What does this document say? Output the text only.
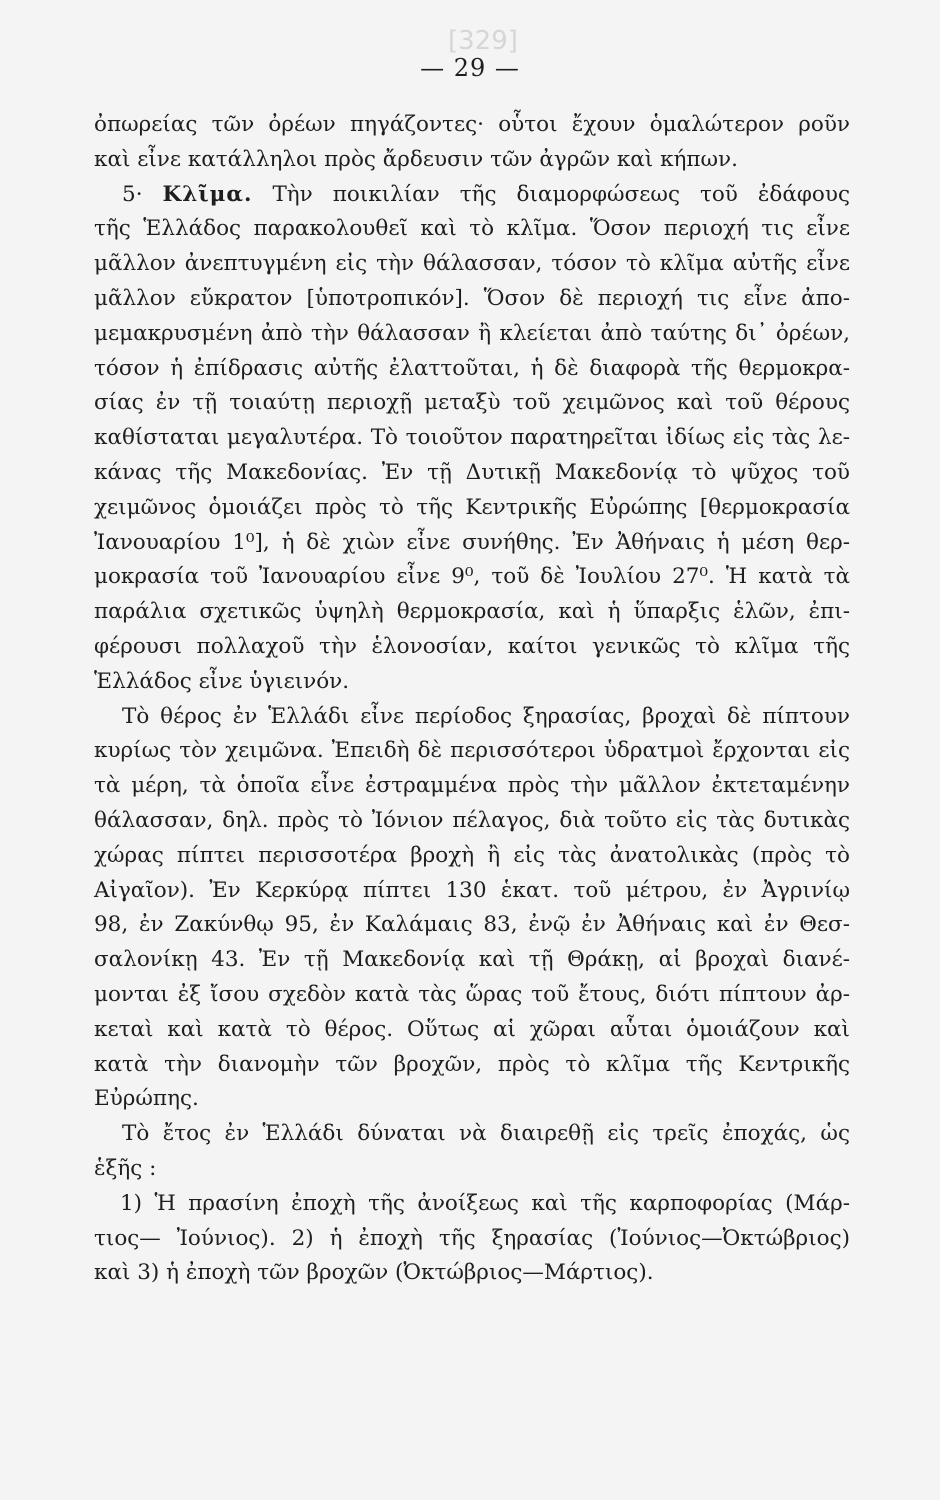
[329]
— 29 —
ὀπωρείας τῶν ὀρέων πηγάζοντες· οὗτοι ἔχουν ὁμαλώτερον ροῦν
καὶ εἶνε κατάλληλοι πρὸς ἄρδευσιν τῶν ἀγρῶν καὶ κήπων.
5· Κλῖμα. Τὴν ποικιλίαν τῆς διαμορφώσεως τοῦ ἐδάφους
τῆς Ἑλλάδος παρακολουθεῖ καὶ τὸ κλῖμα. Ὅσον περιοχή τις εἶνε
μᾶλλον ἀνεπτυγμένη εἰς τὴν θάλασσαν, τόσον τὸ κλῖμα αὐτῆς εἶνε
μᾶλλον εὔκρατον [ὑποτροπικόν]. Ὅσον δὲ περιοχή τις εἶνε ἀπο-
μεμακρυσμένη ἀπὸ τὴν θάλασσαν ἢ κλείεται ἀπὸ ταύτης δι᾽ ὀρέων,
τόσον ἡ ἐπίδρασις αὐτῆς ἐλαττοῦται, ἡ δὲ διαφορὰ τῆς θερμοκρα-
σίας ἐν τῇ τοιαύτῃ περιοχῇ μεταξὺ τοῦ χειμῶνος καὶ τοῦ θέρους
καθίσταται μεγαλυτέρα. Τὸ τοιοῦτον παρατηρεῖται ἰδίως εἰς τὰς λε-
κάνας τῆς Μακεδονίας. Ἐν τῇ Δυτικῇ Μακεδονίᾳ τὸ ψῦχος τοῦ
χειμῶνος ὁμοιάζει πρὸς τὸ τῆς Κεντρικῆς Εὐρώπης [θερμοκρασία
Ἰανουαρίου 1⁰], ἡ δὲ χιὼν εἶνε συνήθης. Ἐν Ἀθήναις ἡ μέση θερ-
μοκρασία τοῦ Ἰανουαρίου εἶνε 9⁰, τοῦ δὲ Ἰουλίου 27⁰. Ἡ κατὰ τὰ
παράλια σχετικῶς ὑψηλὴ θερμοκρασία, καὶ ἡ ὕπαρξις ἑλῶν, ἐπι-
φέρουσι πολλαχοῦ τὴν ἑλονοσίαν, καίτοι γενικῶς τὸ κλῖμα τῆς
Ἑλλάδος εἶνε ὑγιεινόν.
Τὸ θέρος ἐν Ἑλλάδι εἶνε περίοδος ξηρασίας, βροχαὶ δὲ πίπτουν
κυρίως τὸν χειμῶνα. Ἐπειδὴ δὲ περισσότεροι ὑδρατμοὶ ἔρχονται εἰς
τὰ μέρη, τὰ ὁποῖα εἶνε ἐστραμμένα πρὸς τὴν μᾶλλον ἐκτεταμένην
θάλασσαν, δηλ. πρὸς τὸ Ἰόνιον πέλαγος, διὰ τοῦτο εἰς τὰς δυτικὰς
χώρας πίπτει περισσοτέρα βροχὴ ἢ εἰς τὰς ἀνατολικὰς (πρὸς τὸ
Αἰγαῖον). Ἐν Κερκύρᾳ πίπτει 130 ἑκατ. τοῦ μέτρου, ἐν Ἀγρινίῳ
98, ἐν Ζακύνθῳ 95, ἐν Καλάμαις 83, ἐνῷ ἐν Ἀθήναις καὶ ἐν Θεσ-
σαλονίκῃ 43. Ἐν τῇ Μακεδονίᾳ καὶ τῇ Θράκῃ, αἱ βροχαὶ διανέ-
μονται ἐξ ἴσου σχεδὸν κατὰ τὰς ὥρας τοῦ ἔτους, διότι πίπτουν ἀρ-
κεταὶ καὶ κατὰ τὸ θέρος. Οὕτως αἱ χῶραι αὗται ὁμοιάζουν καὶ
κατὰ τὴν διανομὴν τῶν βροχῶν, πρὸς τὸ κλῖμα τῆς Κεντρικῆς
Εὐρώπης.
Τὸ ἔτος ἐν Ἑλλάδι δύναται νὰ διαιρεθῇ εἰς τρεῖς ἐποχάς, ὡς
ἑξῆς :
1) Ἡ πρασίνη ἐποχὴ τῆς ἀνοίξεως καὶ τῆς καρποφορίας (Μάρ-
τιος— Ἰούνιος). 2) ἡ ἐποχὴ τῆς ξηρασίας (Ἰούνιος—Ὀκτώβριος)
καὶ 3) ἡ ἐποχὴ τῶν βροχῶν (Ὀκτώβριος—Μάρτιος).
